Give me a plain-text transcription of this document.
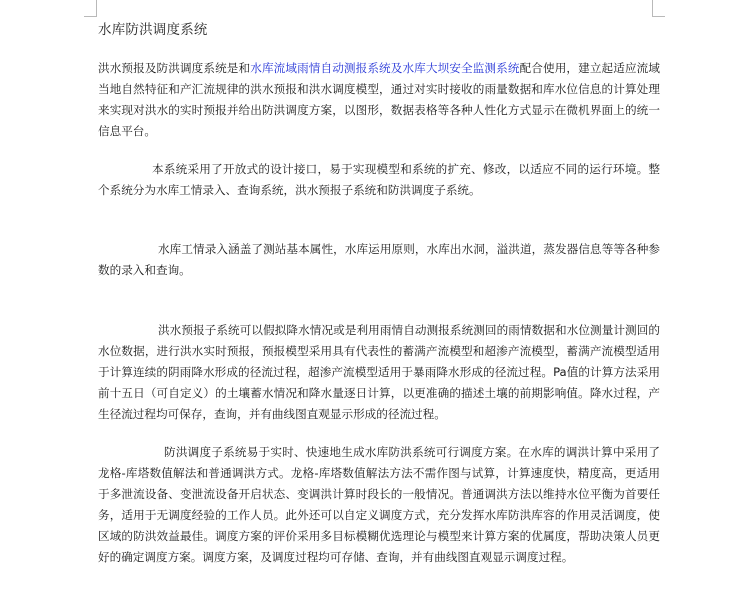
水库防洪调度系统
洪水预报及防洪调度系统是和水库流域雨情自动测报系统及水库大坝安全监测系统配合使用，建立起适应流域当地自然特征和产汇流规律的洪水预报和洪水调度模型，通过对实时接收的雨量数据和库水位信息的计算处理来实现对洪水的实时预报并给出防洪调度方案，以图形，数据表格等各种人性化方式显示在微机界面上的统一信息平台。
本系统采用了开放式的设计接口，易于实现模型和系统的扩充、修改，以适应不同的运行环境。整个系统分为水库工情录入、查询系统，洪水预报子系统和防洪调度子系统。
水库工情录入涵盖了测站基本属性，水库运用原则，水库出水洞，溢洪道，蒸发器信息等等各种参数的录入和查询。
洪水预报子系统可以假拟降水情况或是利用雨情自动测报系统测回的雨情数据和水位测量计测回的水位数据，进行洪水实时预报，预报模型采用具有代表性的蓄满产流模型和超渗产流模型，蓄满产流模型适用于计算连续的阴雨降水形成的径流过程，超渗产流模型适用于暴雨降水形成的径流过程。Pa值的计算方法采用前十五日（可自定义）的土壤蓄水情况和降水量逐日计算，以更准确的描述土壤的前期影响值。降水过程，产生径流过程均可保存，查询，并有曲线图直观显示形成的径流过程。
防洪调度子系统易于实时、快速地生成水库防洪系统可行调度方案。在水库的调洪计算中采用了龙格-库塔数值解法和普通调洪方式。龙格-库塔数值解法方法不需作图与试算，计算速度快，精度高，更适用于多泄流设备、变泄流设备开启状态、变调洪计算时段长的一般情况。普通调洪方法以维持水位平衡为首要任务，适用于无调度经验的工作人员。此外还可以自定义调度方式，充分发挥水库防洪库容的作用灵活调度，使区域的防洪效益最佳。调度方案的评价采用多目标模糊优选理论与模型来计算方案的优属度，帮助决策人员更好的确定调度方案。调度方案，及调度过程均可存储、查询，并有曲线图直观显示调度过程。
